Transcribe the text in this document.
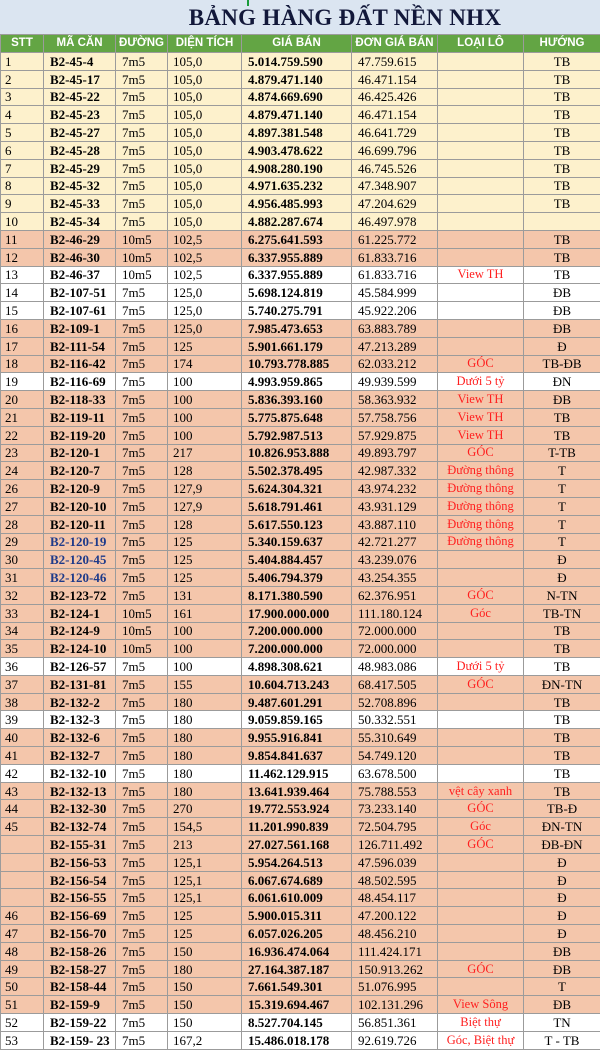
BẢNG HÀNG ĐẤT NỀN NHX
STT	MÃ CĂN	ĐƯỜNG	DIỆN TÍCH	GIÁ BÁN	ĐƠN GIÁ BÁN	LOẠI LÔ	HƯỚNG
1	B2-45-4	7m5	105,0	5.014.759.590	47.759.615		TB
2	B2-45-17	7m5	105,0	4.879.471.140	46.471.154		TB
3	B2-45-22	7m5	105,0	4.874.669.690	46.425.426		TB
4	B2-45-23	7m5	105,0	4.879.471.140	46.471.154		TB
5	B2-45-27	7m5	105,0	4.897.381.548	46.641.729		TB
6	B2-45-28	7m5	105,0	4.903.478.622	46.699.796		TB
7	B2-45-29	7m5	105,0	4.908.280.190	46.745.526		TB
8	B2-45-32	7m5	105,0	4.971.635.232	47.348.907		TB
9	B2-45-33	7m5	105,0	4.956.485.993	47.204.629		TB
10	B2-45-34	7m5	105,0	4.882.287.674	46.497.978		
11	B2-46-29	10m5	102,5	6.275.641.593	61.225.772		TB
12	B2-46-30	10m5	102,5	6.337.955.889	61.833.716		TB
13	B2-46-37	10m5	102,5	6.337.955.889	61.833.716	View TH	TB
14	B2-107-51	7m5	125,0	5.698.124.819	45.584.999		ĐB
15	B2-107-61	7m5	125,0	5.740.275.791	45.922.206		ĐB
16	B2-109-1	7m5	125,0	7.985.473.653	63.883.789		ĐB
17	B2-111-54	7m5	125	5.901.661.179	47.213.289		Đ
18	B2-116-42	7m5	174	10.793.778.885	62.033.212	GÓC	TB-ĐB
19	B2-116-69	7m5	100	4.993.959.865	49.939.599	Dưới 5 tỷ	ĐN
20	B2-118-33	7m5	100	5.836.393.160	58.363.932	View TH	ĐB
21	B2-119-11	7m5	100	5.775.875.648	57.758.756	View TH	TB
22	B2-119-20	7m5	100	5.792.987.513	57.929.875	View TH	TB
23	B2-120-1	7m5	217	10.826.953.888	49.893.797	GÓC	T-TB
24	B2-120-7	7m5	128	5.502.378.495	42.987.332	Đường thông	T
26	B2-120-9	7m5	127,9	5.624.304.321	43.974.232	Đường thông	T
27	B2-120-10	7m5	127,9	5.618.791.461	43.931.129	Đường thông	T
28	B2-120-11	7m5	128	5.617.550.123	43.887.110	Đường thông	T
29	B2-120-19	7m5	125	5.340.159.637	42.721.277	Đường thông	T
30	B2-120-45	7m5	125	5.404.884.457	43.239.076		Đ
31	B2-120-46	7m5	125	5.406.794.379	43.254.355		Đ
32	B2-123-72	7m5	131	8.171.380.590	62.376.951	GÓC	N-TN
33	B2-124-1	10m5	161	17.900.000.000	111.180.124	Góc	TB-TN
34	B2-124-9	10m5	100	7.200.000.000	72.000.000		TB
35	B2-124-10	10m5	100	7.200.000.000	72.000.000		TB
36	B2-126-57	7m5	100	4.898.308.621	48.983.086	Dưới 5 tỷ	TB
37	B2-131-81	7m5	155	10.604.713.243	68.417.505	GÓC	ĐN-TN
38	B2-132-2	7m5	180	9.487.601.291	52.708.896		TB
39	B2-132-3	7m5	180	9.059.859.165	50.332.551		TB
40	B2-132-6	7m5	180	9.955.916.841	55.310.649		TB
41	B2-132-7	7m5	180	9.854.841.637	54.749.120		TB
42	B2-132-10	7m5	180	11.462.129.915	63.678.500		TB
43	B2-132-13	7m5	180	13.641.939.464	75.788.553	vệt cây xanh	TB
44	B2-132-30	7m5	270	19.772.553.924	73.233.140	GÓC	TB-Đ
45	B2-132-74	7m5	154,5	11.201.990.839	72.504.795	Góc	ĐN-TN
	B2-155-31	7m5	213	27.027.561.168	126.711.492	GÓC	ĐB-ĐN
	B2-156-53	7m5	125,1	5.954.264.513	47.596.039		Đ
	B2-156-54	7m5	125,1	6.067.674.689	48.502.595		Đ
	B2-156-55	7m5	125,1	6.061.610.009	48.454.117		Đ
46	B2-156-69	7m5	125	5.900.015.311	47.200.122		Đ
47	B2-156-70	7m5	125	6.057.026.205	48.456.210		Đ
48	B2-158-26	7m5	150	16.936.474.064	111.424.171		ĐB
49	B2-158-27	7m5	180	27.164.387.187	150.913.262	GÓC	ĐB
50	B2-158-44	7m5	150	7.661.549.301	51.076.995		T
51	B2-159-9	7m5	150	15.319.694.467	102.131.296	View Sông	ĐB
52	B2-159-22	7m5	150	8.527.704.145	56.851.361	Biệt thự	TN
53	B2-159- 23	7m5	167,2	15.486.018.178	92.619.726	Góc, Biệt thự	T - TB
